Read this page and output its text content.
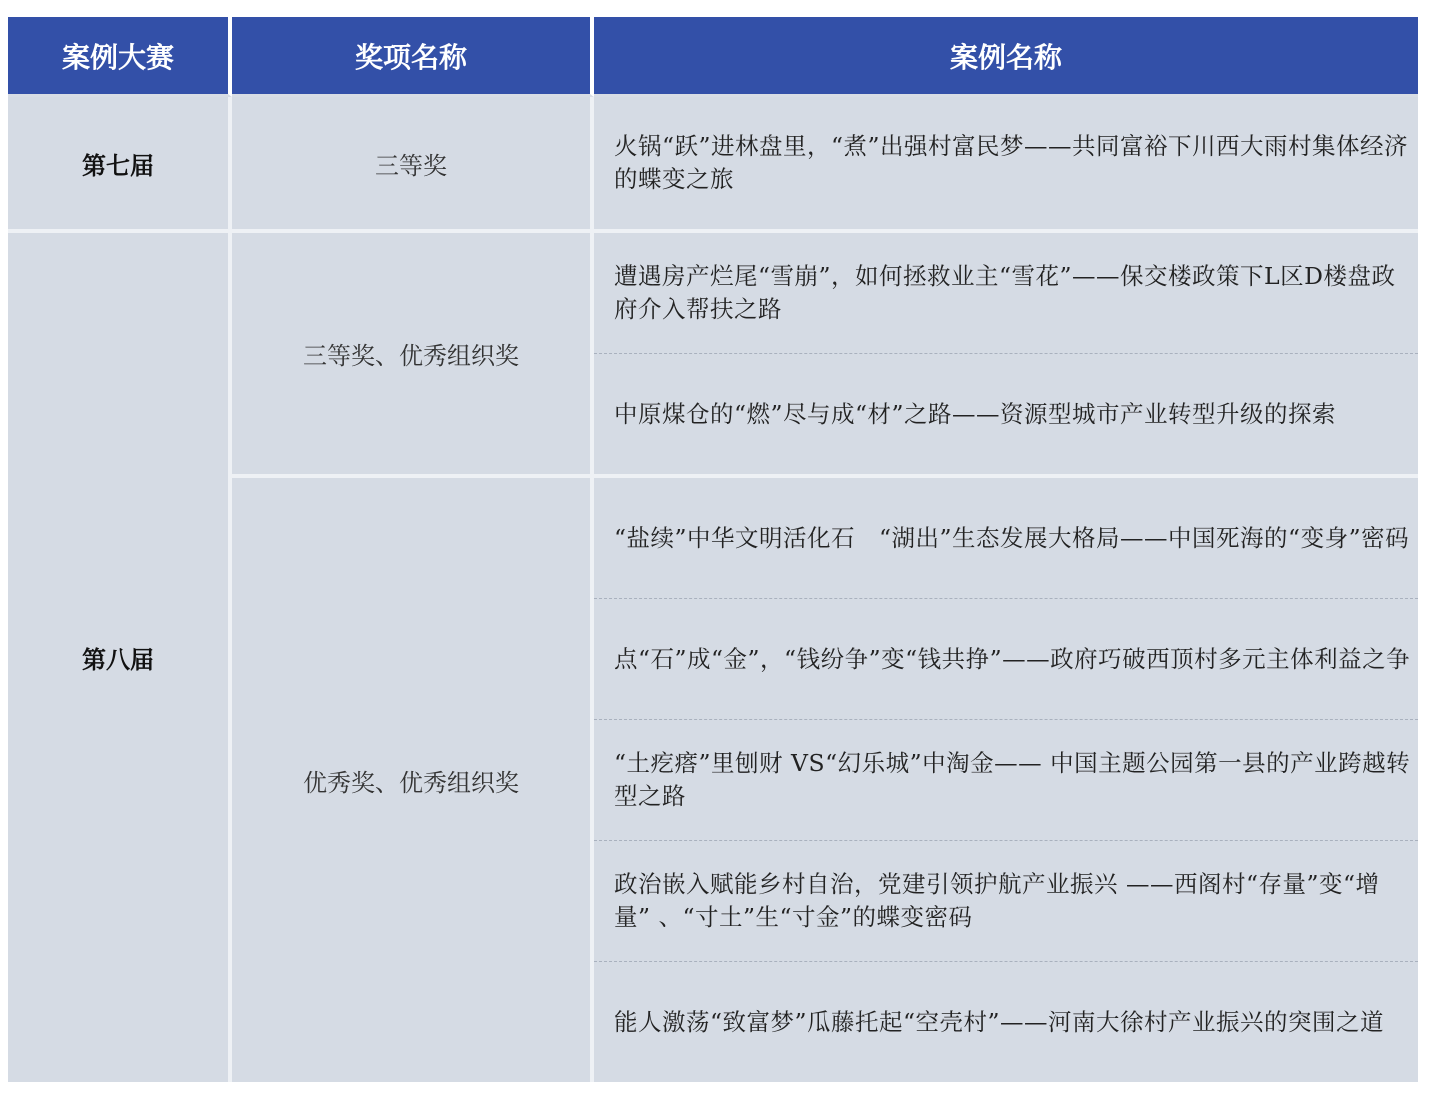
案例大赛	奖项名称	案例名称
第七届	三等奖	火锅“跃”进林盘里，“煮”出强村富民梦——共同富裕下川西大雨村集体经济的蝶变之旅
第八届	三等奖、优秀组织奖	遭遇房产烂尾“雪崩”，如何拯救业主“雪花”——保交楼政策下L区D楼盘政府介入帮扶之路
		中原煤仓的“燃”尽与成“材”之路——资源型城市产业转型升级的探索
	优秀奖、优秀组织奖	“盐续”中华文明活化石　“湖出”生态发展大格局——中国死海的“变身”密码
		点“石”成“金”，“钱纷争”变“钱共挣”——政府巧破西顶村多元主体利益之争
		“土疙瘩”里刨财 VS“幻乐城”中淘金—— 中国主题公园第一县的产业跨越转型之路
		政治嵌入赋能乡村自治，党建引领护航产业振兴 ——西阁村“存量”变“增量” 、“寸土”生“寸金”的蝶变密码
		能人激荡“致富梦”瓜藤托起“空壳村”——河南大徐村产业振兴的突围之道
